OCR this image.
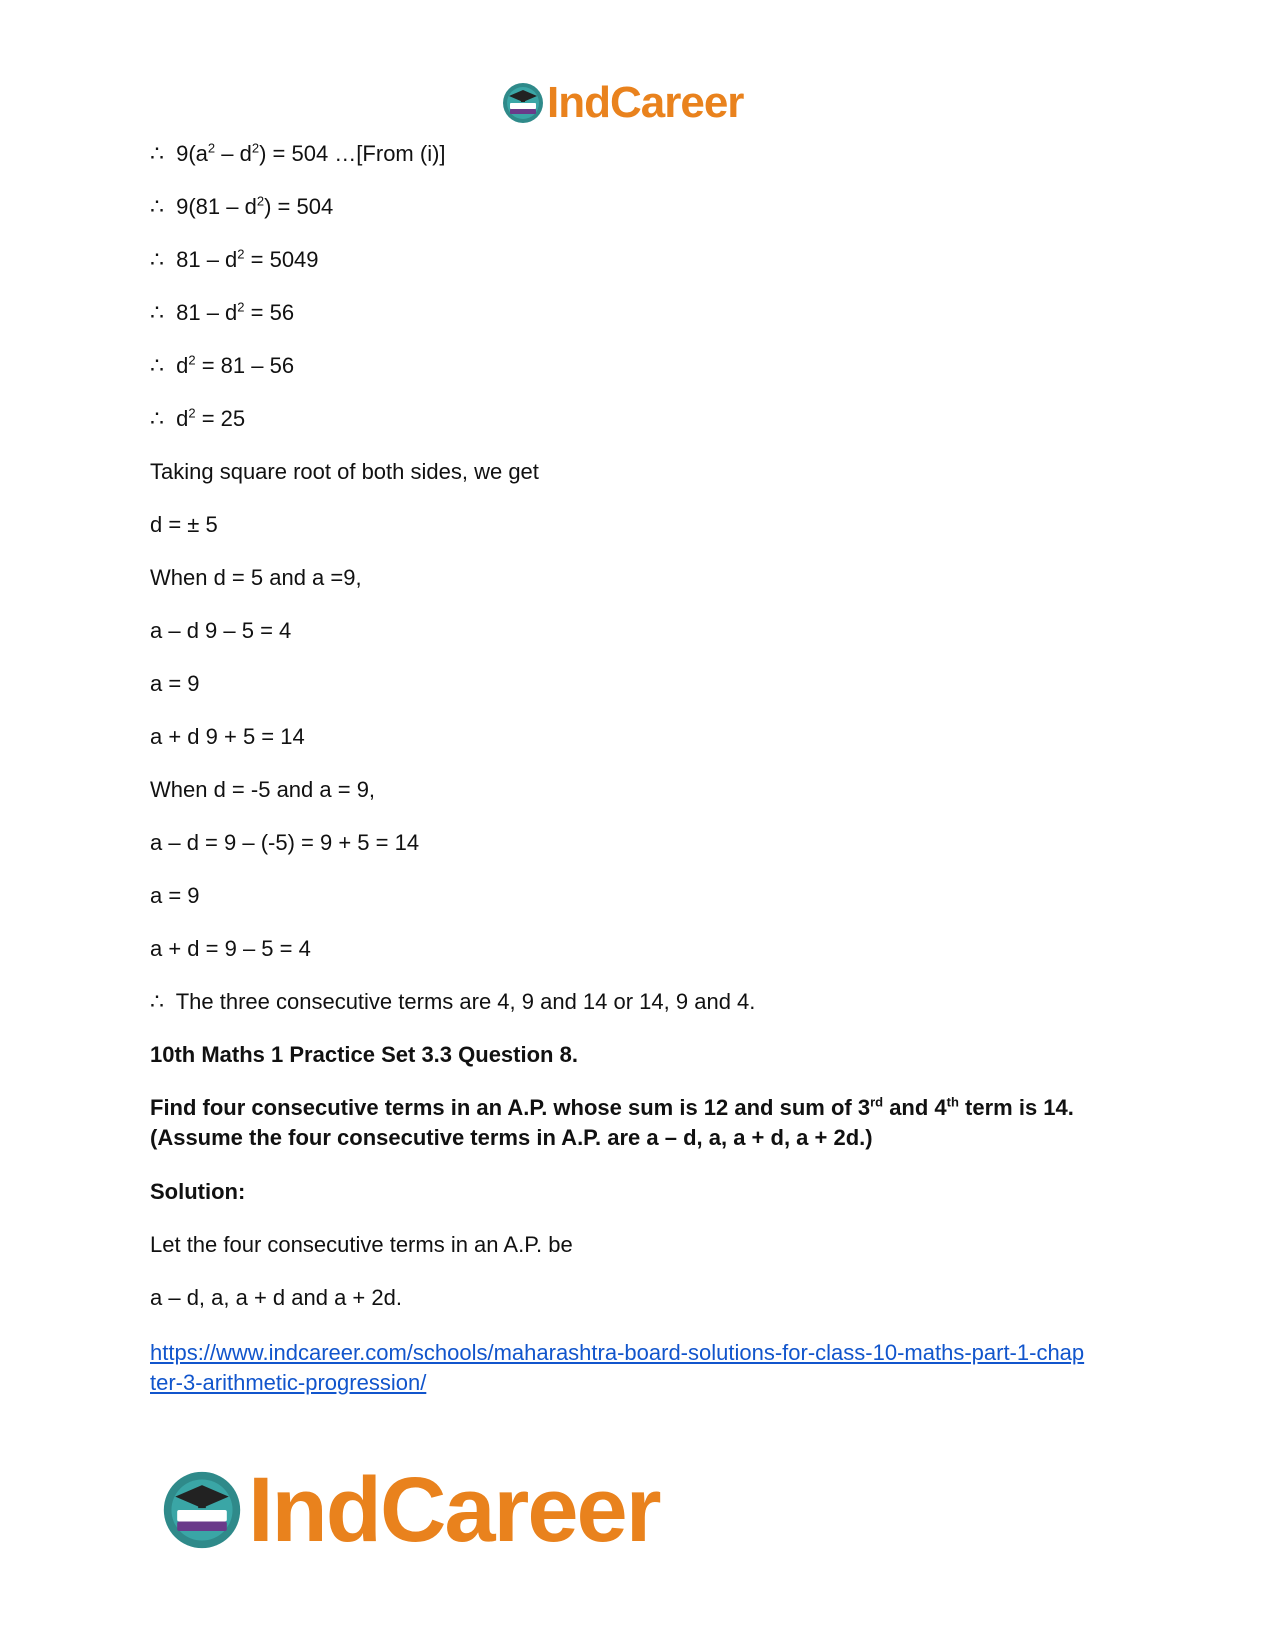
IndCareer
∴ $9(a^2 - d^2) = 504$ …[From (i)]
∴ $9(81 - d^2) = 504$
∴ $81 - d^2 = 5049$
∴ $81 - d^2 = 56$
∴ $d^2 = 81 - 56$
∴ $d^2 = 25$
Taking square root of both sides, we get
d = ± 5
When d = 5 and a =9,
a – d 9 – 5 = 4
a = 9
a + d 9 + 5 = 14
When d = -5 and a = 9,
a – d = 9 – (-5) = 9 + 5 = 14
a = 9
a + d = 9 – 5 = 4
∴ The three consecutive terms are 4, 9 and 14 or 14, 9 and 4.
10th Maths 1 Practice Set 3.3 Question 8.
Find four consecutive terms in an A.P. whose sum is 12 and sum of 3rd and 4th term is 14.
(Assume the four consecutive terms in A.P. are a – d, a, a + d, a + 2d.)
Solution:
Let the four consecutive terms in an A.P. be
a – d, a, a + d and a + 2d.
https://www.indcareer.com/schools/maharashtra-board-solutions-for-class-10-maths-part-1-chap
ter-3-arithmetic-progression/
IndCareer
